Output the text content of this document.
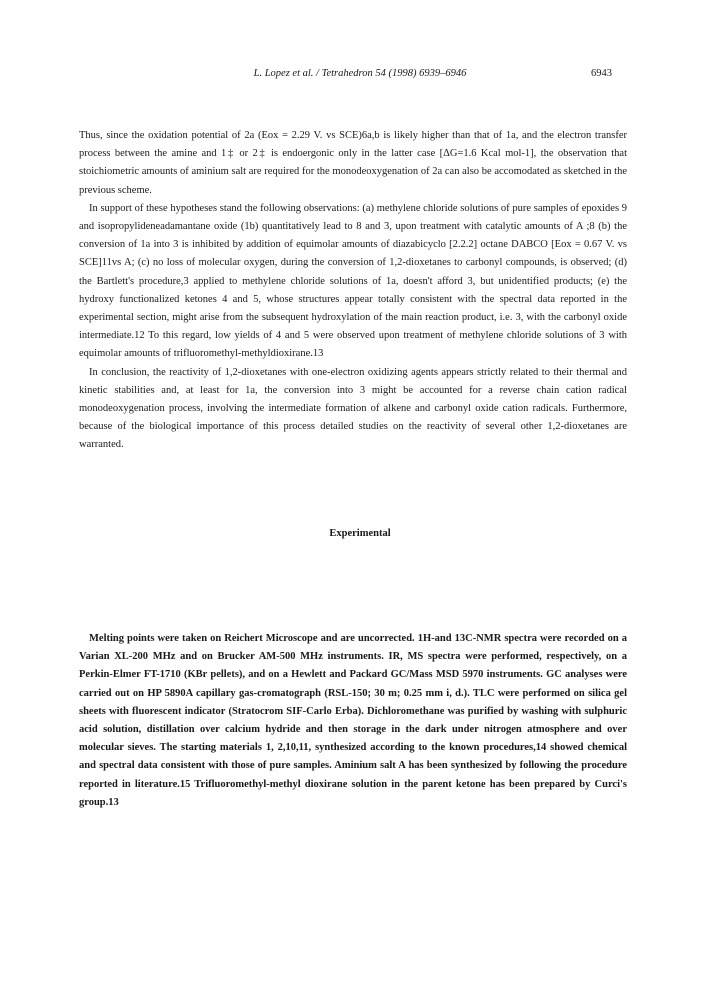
L. Lopez et al. / Tetrahedron 54 (1998) 6939–6946	6943

Thus, since the oxidation potential of 2a (Eox = 2.29 V. vs SCE)6a,b is likely higher than that of 1a, and the electron transfer process between the amine and 1‡ or 2‡ is endoergonic only in the latter case [ΔG=1.6 Kcal mol-1], the observation that stoichiometric amounts of aminium salt are required for the monodeoxygenation of 2a can also be accomodated as sketched in the previous scheme.

In support of these hypotheses stand the following observations: (a) methylene chloride solutions of pure samples of epoxides 9 and isopropylideneadamantane oxide (1b) quantitatively lead to 8 and 3, upon treatment with catalytic amounts of A ;8 (b) the conversion of 1a into 3 is inhibited by addition of equimolar amounts of diazabicyclo [2.2.2] octane DABCO [Eox = 0.67 V. vs SCE]11vs A; (c) no loss of molecular oxygen, during the conversion of 1,2-dioxetanes to carbonyl compounds, is observed; (d) the Bartlett's procedure,3 applied to methylene chloride solutions of 1a, doesn't afford 3, but unidentified products; (e) the hydroxy functionalized ketones 4 and 5, whose structures appear totally consistent with the spectral data reported in the experimental section, might arise from the subsequent hydroxylation of the main reaction product, i.e. 3, with the carbonyl oxide intermediate.12 To this regard, low yields of 4 and 5 were observed upon treatment of methylene chloride solutions of 3 with equimolar amounts of trifluoromethyl-methyldioxirane.13

In conclusion, the reactivity of 1,2-dioxetanes with one-electron oxidizing agents appears strictly related to their thermal and kinetic stabilities and, at least for 1a, the conversion into 3 might be accounted for a reverse chain cation radical monodeoxygenation process, involving the intermediate formation of alkene and carbonyl oxide cation radicals. Furthermore, because of the biological importance of this process detailed studies on the reactivity of several other 1,2-dioxetanes are warranted.

Experimental

Melting points were taken on Reichert Microscope and are uncorrected. 1H-and 13C-NMR spectra were recorded on a Varian XL-200 MHz and on Brucker AM-500 MHz instruments. IR, MS spectra were performed, respectively, on a Perkin-Elmer FT-1710 (KBr pellets), and on a Hewlett and Packard GC/Mass MSD 5970 instruments. GC analyses were carried out on HP 5890A capillary gas-cromatograph (RSL-150; 30 m; 0.25 mm i, d.). TLC were performed on silica gel sheets with fluorescent indicator (Stratocrom SIF-Carlo Erba). Dichloromethane was purified by washing with sulphuric acid solution, distillation over calcium hydride and then storage in the dark under nitrogen atmosphere and over molecular sieves. The starting materials 1, 2,10,11, synthesized according to the known procedures,14 showed chemical and spectral data consistent with those of pure samples. Aminium salt A has been synthesized by following the procedure reported in literature.15 Trifluoromethyl-methyl dioxirane solution in the parent ketone has been prepared by Curci's group.13
